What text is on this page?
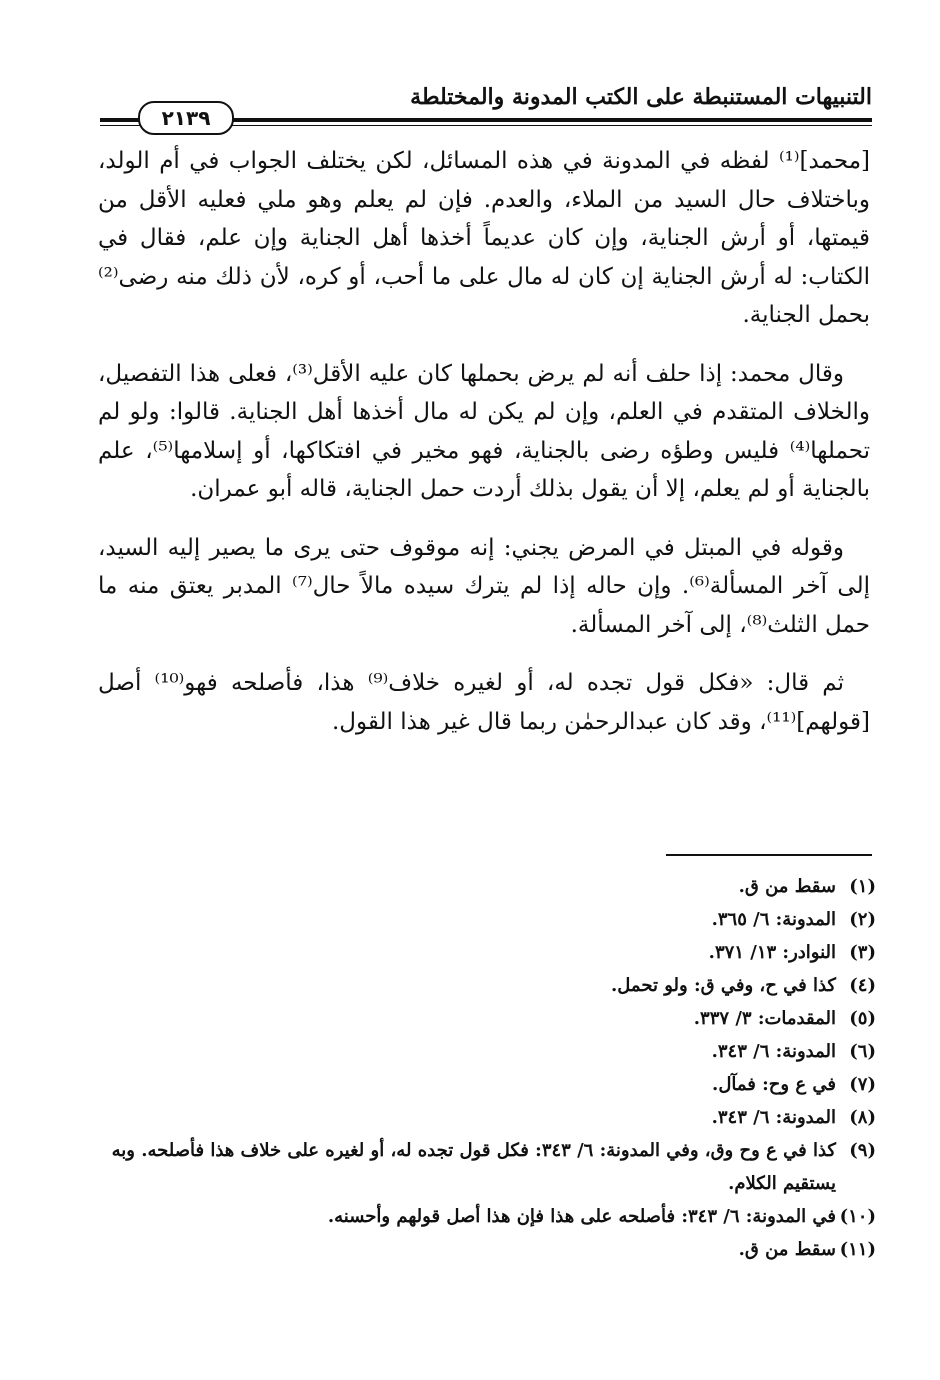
التنبيهات المستنبطة على الكتب المدونة والمختلطة
٢١٣٩

[محمد]⁽¹⁾ لفظه في المدونة في هذه المسائل، لكن يختلف الجواب في أم الولد، وباختلاف حال السيد من الملاء، والعدم. فإن لم يعلم وهو ملي فعليه الأقل من قيمتها، أو أرش الجناية، وإن كان عديماً أخذها أهل الجناية وإن علم، فقال في الكتاب: له أرش الجناية إن كان له مال على ما أحب، أو كره، لأن ذلك منه رضى⁽²⁾ بحمل الجناية.

وقال محمد: إذا حلف أنه لم يرض بحملها كان عليه الأقل⁽³⁾، فعلى هذا التفصيل، والخلاف المتقدم في العلم، وإن لم يكن له مال أخذها أهل الجناية. قالوا: ولو لم تحملها⁽⁴⁾ فليس وطؤه رضى بالجناية، فهو مخير في افتكاكها، أو إسلامها⁽⁵⁾، علم بالجناية أو لم يعلم، إلا أن يقول بذلك أردت حمل الجناية، قاله أبو عمران.

وقوله في المبتل في المرض يجني: إنه موقوف حتى يرى ما يصير إليه السيد، إلى آخر المسألة⁽⁶⁾. وإن حاله إذا لم يترك سيده مالاً حال⁽⁷⁾ المدبر يعتق منه ما حمل الثلث⁽⁸⁾، إلى آخر المسألة.

ثم قال: «فكل قول تجده له، أو لغيره خلاف⁽⁹⁾ هذا، فأصلحه فهو⁽¹⁰⁾ أصل [قولهم]⁽¹¹⁾، وقد كان عبدالرحمٰن ربما قال غير هذا القول.

(١)
سقط من ق.
(٢)
المدونة: ٦/ ٣٦٥.
(٣)
النوادر: ١٣/ ٣٧١.
(٤)
كذا في ح، وفي ق: ولو تحمل.
(٥)
المقدمات: ٣/ ٣٣٧.
(٦)
المدونة: ٦/ ٣٤٣.
(٧)
في ع وح: فمآل.
(٨)
المدونة: ٦/ ٣٤٣.
(٩)
كذا في ع وح وق، وفي المدونة: ٦/ ٣٤٣: فكل قول تجده له، أو لغيره على خلاف هذا فأصلحه. وبه يستقيم الكلام.
(١٠)
في المدونة: ٦/ ٣٤٣: فأصلحه على هذا فإن هذا أصل قولهم وأحسنه.
(١١)
سقط من ق.
